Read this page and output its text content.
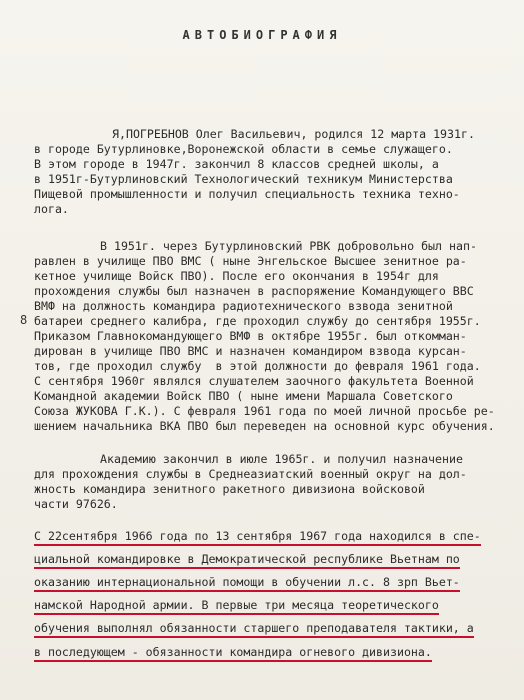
АВТОБИОГРАФИЯ
8
Я,ПОГРЕБНОВ Олег Васильевич, родился 12 марта 1931г.
в городе Бутурлиновке,Воронежской области в семье служащего.
В этом городе в 1947г. закончил 8 классов средней школы, а
в 1951г-Бутурлиновский Технологический техникум Министерства
Пищевой промышленности и получил специальность техника техно-
лога.
В 1951г. через Бутурлиновский РВК добровольно был нап-
равлен в училище ПВО ВМС ( ныне Энгельское Высшее зенитное ра-
кетное училище Войск ПВО). После его окончания в 1954г для
прохождения службы был назначен в распоряжение Командующего ВВС
ВМФ на должность командира радиотехнического взвода зенитной
батареи среднего калибра, где проходил службу до сентября 1955г.
Приказом Главнокомандующего ВМФ в октябре 1955г. был откомман-
дирован в училище ПВО ВМС и назначен командиром взвода курсан-
тов, где проходил службу  в этой должности до февраля 1961 года.
С сентября 1960г являлся слушателем заочного факультета Военной
Командной академии Войск ПВО ( ныне имени Маршала Советского
Союза ЖУКОВА Г.К.). С февраля 1961 года по моей личной просьбе ре-
шением начальника ВКА ПВО был переведен на основной курс обучения.
Академию закончил в июле 1965г. и получил назначение
для прохождения службы в Среднеазиатский военный округ на дол-
жность командира зенитного ракетного дивизиона войсковой
части 97626.
С 22сентября 1966 года по 13 сентября 1967 года находился в спе-
циальной командировке в Демократической республике Вьетнам по
оказанию интернациональной помощи в обучении л.с. 8 зрп Вьет-
намской Народной армии. В первые три месяца теоретического
обучения выполнял обязанности старшего преподавателя тактики, а
в последующем - обязанности командира огневого дивизиона.
